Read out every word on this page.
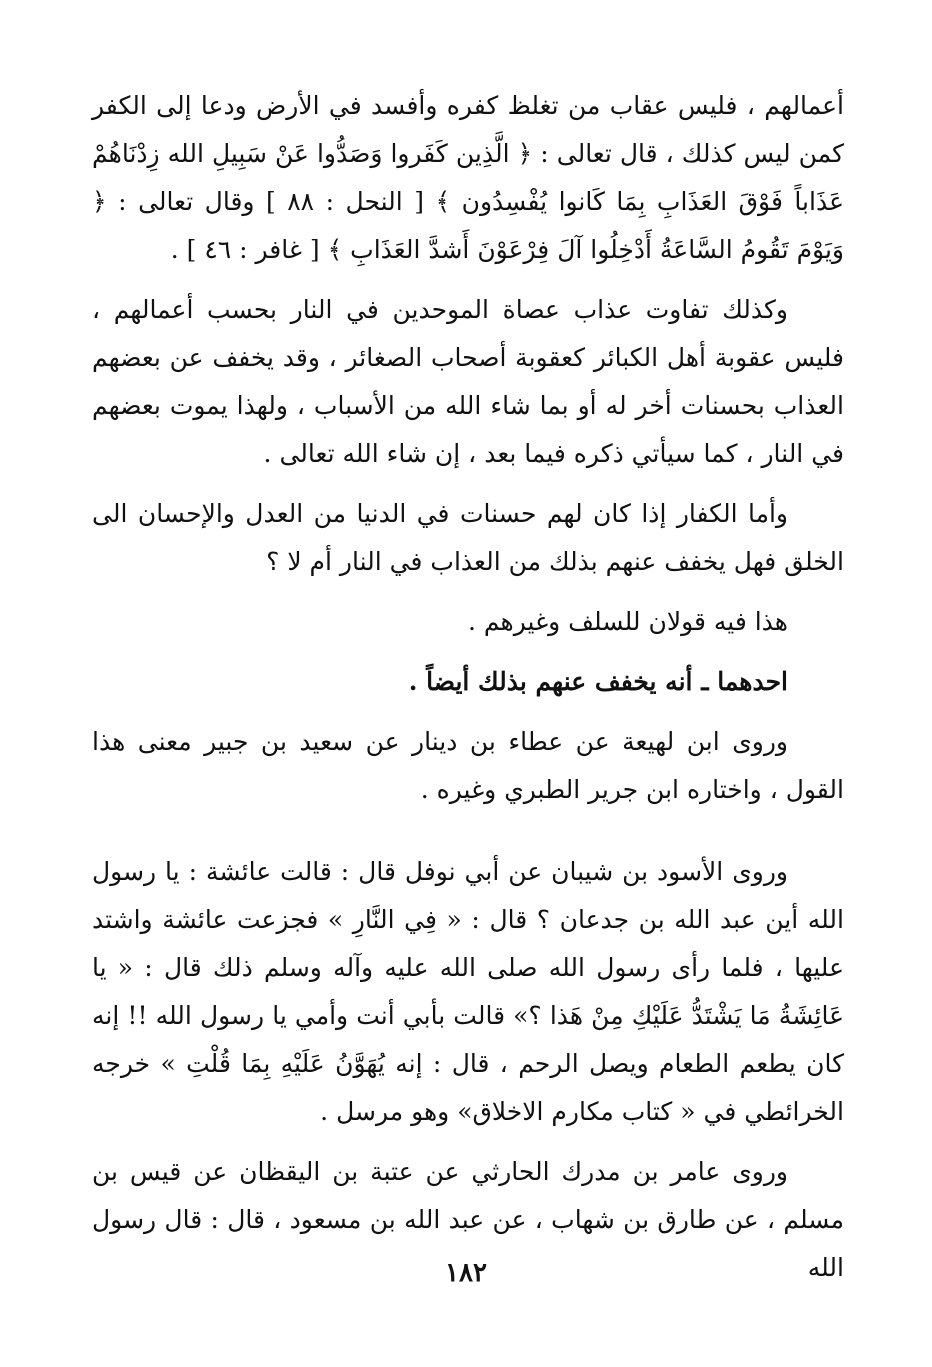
أعمالهم ، فليس عقاب من تغلظ كفره وأفسد في الأرض ودعا إلى الكفر كمن ليس كذلك ، قال تعالى : ﴿ الَّذِين كَفَروا وَصَدُّوا عَنْ سَبِيلِ الله زِدْنَاهُمْ عَذَاباً فَوْقَ العَذَابِ بِمَا كَانوا يُفْسِدُون ﴾ [ النحل : ٨٨ ] وقال تعالى : ﴿ وَيَوْمَ تَقُومُ السَّاعَةُ أَدْخِلُوا آلَ فِرْعَوْنَ أَشدَّ العَذَابِ ﴾ [ غافر : ٤٦ ] .

وكذلك تفاوت عذاب عصاة الموحدين في النار بحسب أعمالهم ، فليس عقوبة أهل الكبائر كعقوبة أصحاب الصغائر ، وقد يخفف عن بعضهم العذاب بحسنات أخر له أو بما شاء الله من الأسباب ، ولهذا يموت بعضهم في النار ، كما سيأتي ذكره فيما بعد ، إن شاء الله تعالى .

وأما الكفار إذا كان لهم حسنات في الدنيا من العدل والإحسان الى الخلق فهل يخفف عنهم بذلك من العذاب في النار أم لا ؟

هذا فيه قولان للسلف وغيرهم .

احدهما ـ أنه يخفف عنهم بذلك أيضاً .

وروى ابن لهيعة عن عطاء بن دينار عن سعيد بن جبير معنى هذا القول ، واختاره ابن جرير الطبري وغيره .

وروى الأسود بن شيبان عن أبي نوفل قال : قالت عائشة : يا رسول الله أين عبد الله بن جدعان ؟ قال : « فِي النَّارِ » فجزعت عائشة واشتد عليها ، فلما رأى رسول الله صلى الله عليه وآله وسلم ذلك قال : « يا عَائِشَةُ مَا يَشْتَدُّ عَلَيْكِ مِنْ هَذا ؟» قالت بأبي أنت وأمي يا رسول الله !! إنه كان يطعم الطعام ويصل الرحم ، قال : إنه يُهَوَّنُ عَلَيْهِ بِمَا قُلْتِ » خرجه الخرائطي في « كتاب مكارم الاخلاق» وهو مرسل .

وروى عامر بن مدرك الحارثي عن عتبة بن اليقظان عن قيس بن مسلم ، عن طارق بن شهاب ، عن عبد الله بن مسعود ، قال : قال رسول الله

١٨٢
